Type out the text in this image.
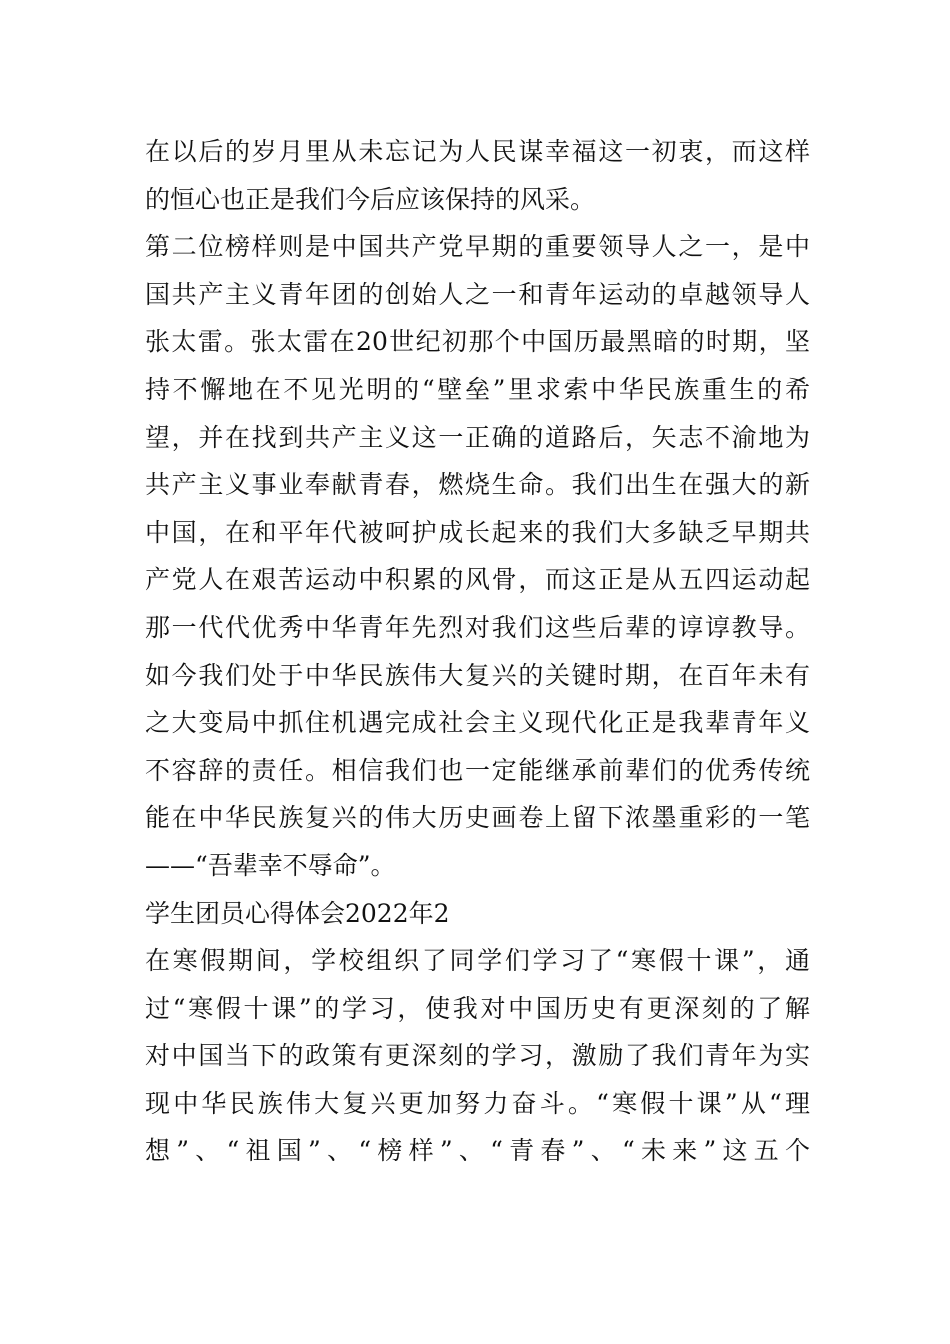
在以后的岁月里从未忘记为人民谋幸福这一初衷，而这样
的恒心也正是我们今后应该保持的风采。
第二位榜样则是中国共产党早期的重要领导人之一，是中
国共产主义青年团的创始人之一和青年运动的卓越领导人
张太雷。张太雷在20世纪初那个中国历最黑暗的时期，坚
持不懈地在不见光明的“壁垒”里求索中华民族重生的希
望，并在找到共产主义这一正确的道路后，矢志不渝地为
共产主义事业奉献青春，燃烧生命。我们出生在强大的新
中国，在和平年代被呵护成长起来的我们大多缺乏早期共
产党人在艰苦运动中积累的风骨，而这正是从五四运动起
那一代代优秀中华青年先烈对我们这些后辈的谆谆教导。
如今我们处于中华民族伟大复兴的关键时期，在百年未有
之大变局中抓住机遇完成社会主义现代化正是我辈青年义
不容辞的责任。相信我们也一定能继承前辈们的优秀传统
能在中华民族复兴的伟大历史画卷上留下浓墨重彩的一笔
——“吾辈幸不辱命”。
学生团员心得体会2022年2
在寒假期间，学校组织了同学们学习了“寒假十课”，通
过“寒假十课”的学习，使我对中国历史有更深刻的了解
对中国当下的政策有更深刻的学习，激励了我们青年为实
现中华民族伟大复兴更加努力奋斗。“寒假十课”从“理
想”、“祖国”、“榜样”、“青春”、“未来”这五个
